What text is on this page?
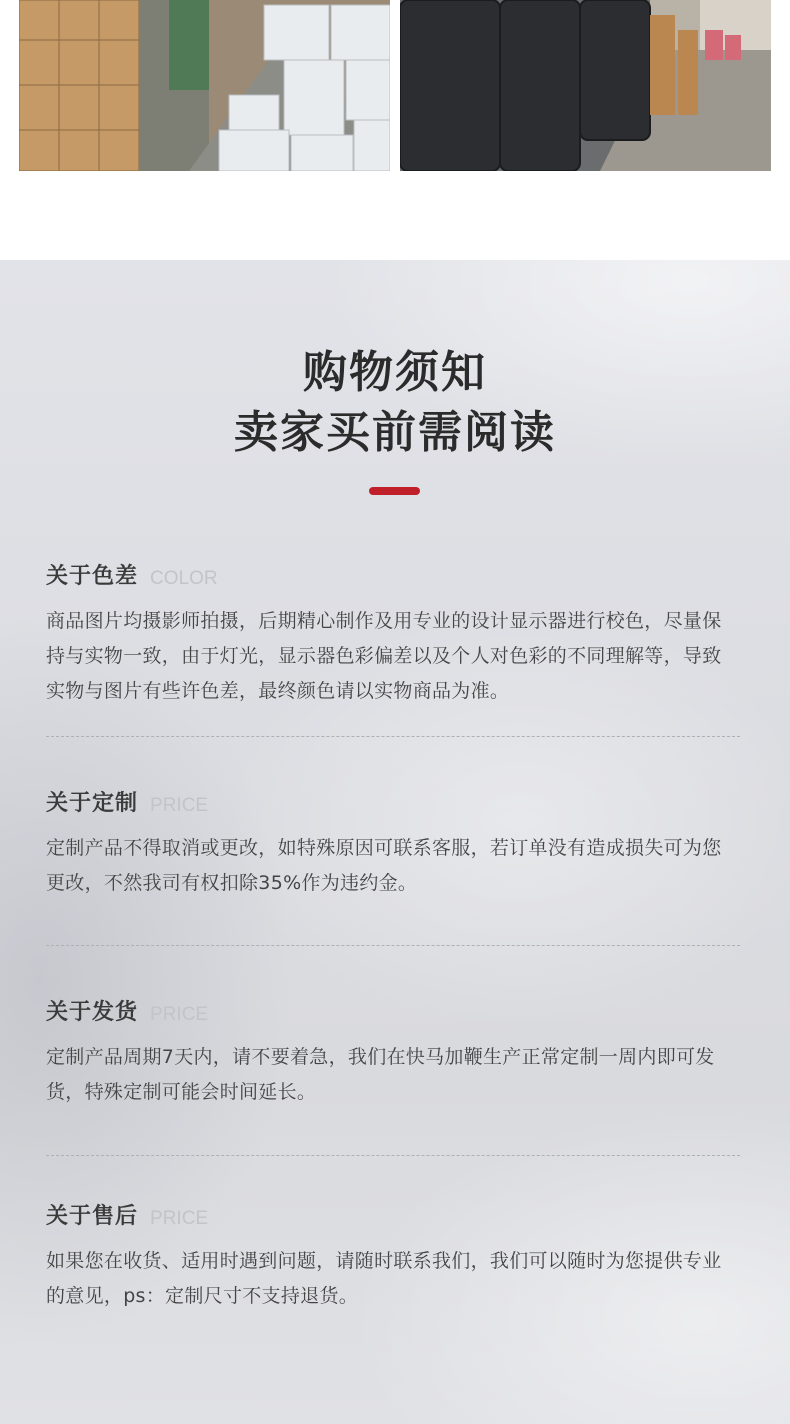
购物须知
卖家买前需阅读
关于色差 COLOR
商品图片均摄影师拍摄，后期精心制作及用专业的设计显示器进行校色，尽量保持与实物一致，由于灯光，显示器色彩偏差以及个人对色彩的不同理解等，导致实物与图片有些许色差，最终颜色请以实物商品为准。
关于定制 PRICE
定制产品不得取消或更改，如特殊原因可联系客服，若订单没有造成损失可为您更改，不然我司有权扣除35%作为违约金。
关于发货 PRICE
定制产品周期7天内，请不要着急，我们在快马加鞭生产正常定制一周内即可发货，特殊定制可能会时间延长。
关于售后 PRICE
如果您在收货、适用时遇到问题，请随时联系我们，我们可以随时为您提供专业的意见，ps：定制尺寸不支持退货。
